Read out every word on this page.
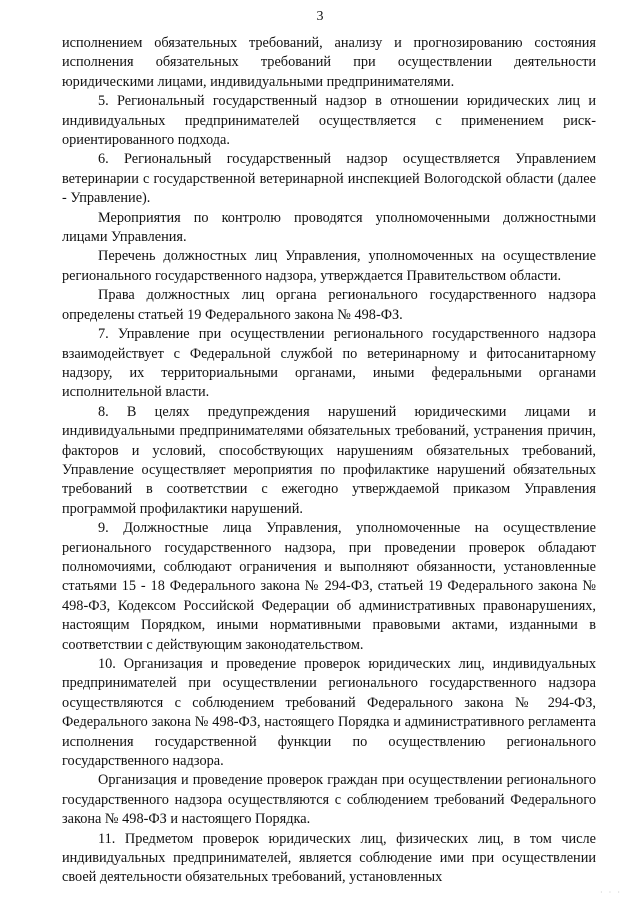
3

исполнением обязательных требований, анализу и прогнозированию состояния исполнения обязательных требований при осуществлении деятельности юридическими лицами, индивидуальными предпринимателями.

5. Региональный государственный надзор в отношении юридических лиц и индивидуальных предпринимателей осуществляется с применением риск-ориентированного подхода.

6. Региональный государственный надзор осуществляется Управлением ветеринарии с государственной ветеринарной инспекцией Вологодской области (далее - Управление).

Мероприятия по контролю проводятся уполномоченными должностными лицами Управления.

Перечень должностных лиц Управления, уполномоченных на осуществление регионального государственного надзора, утверждается Правительством области.

Права должностных лиц органа регионального государственного надзора определены статьей 19 Федерального закона № 498-ФЗ.

7. Управление при осуществлении регионального государственного надзора взаимодействует с Федеральной службой по ветеринарному и фитосанитарному надзору, их территориальными органами, иными федеральными органами исполнительной власти.

8. В целях предупреждения нарушений юридическими лицами и индивидуальными предпринимателями обязательных требований, устранения причин, факторов и условий, способствующих нарушениям обязательных требований, Управление осуществляет мероприятия по профилактике нарушений обязательных требований в соответствии с ежегодно утверждаемой приказом Управления программой профилактики нарушений.

9. Должностные лица Управления, уполномоченные на осуществление регионального государственного надзора, при проведении проверок обладают полномочиями, соблюдают ограничения и выполняют обязанности, установленные статьями 15 - 18 Федерального закона № 294-ФЗ, статьей 19 Федерального закона № 498-ФЗ, Кодексом Российской Федерации об административных правонарушениях, настоящим Порядком, иными нормативными правовыми актами, изданными в соответствии с действующим законодательством.

10. Организация и проведение проверок юридических лиц, индивидуальных предпринимателей при осуществлении регионального государственного надзора осуществляются с соблюдением требований Федерального закона № 294-ФЗ, Федерального закона № 498-ФЗ, настоящего Порядка и административного регламента исполнения государственной функции по осуществлению регионального государственного надзора.

Организация и проведение проверок граждан при осуществлении регионального государственного надзора осуществляются с соблюдением требований Федерального закона № 498-ФЗ и настоящего Порядка.

11. Предметом проверок юридических лиц, физических лиц, в том числе индивидуальных предпринимателей, является соблюдение ими при осуществлении своей деятельности обязательных требований, установленных

· · ·
